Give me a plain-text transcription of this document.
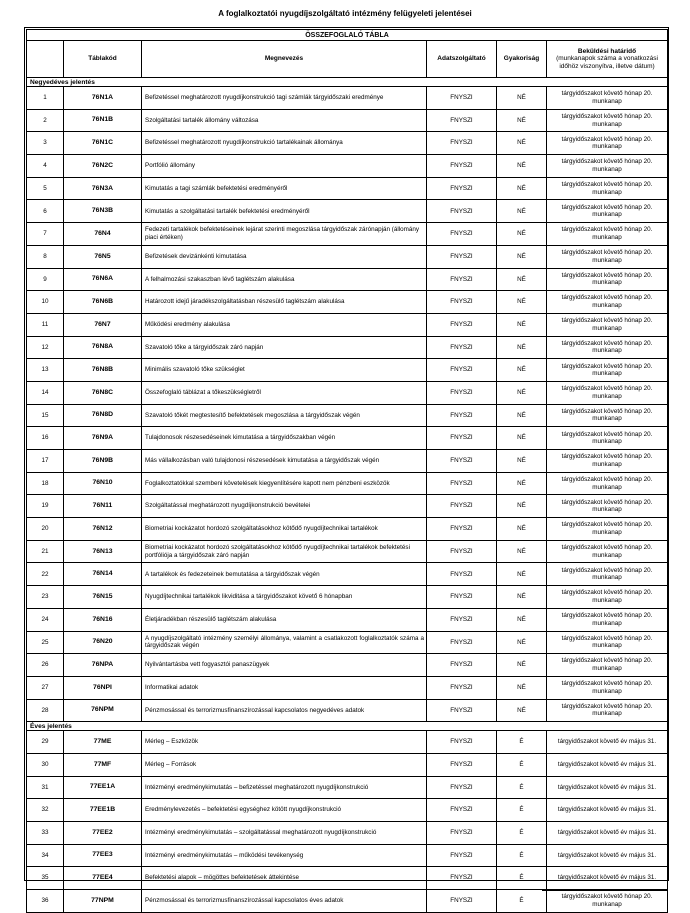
A foglalkoztatói nyugdíjszolgáltató intézmény felügyeleti jelentései
ÖSSZEFOGLALÓ TÁBLA					
	Táblakód	Megnevezés	Adatszolgáltató	Gyakoriság	Beküldési határidő
(munkanapok száma a vonatkozási időhöz viszonyítva, illetve dátum)

Negyedéves jelentés					
1	76N1A	Befizetéssel meghatározott nyugdíjkonstrukció tagi számlák tárgyidőszaki eredménye	FNYSZI	NÉ	tárgyidőszakot követő hónap 20. munkanap
2	76N1B	Szolgáltatási tartalék állomány változása	FNYSZI	NÉ	tárgyidőszakot követő hónap 20. munkanap
3	76N1C	Befizetéssel meghatározott nyugdíjkonstrukció tartalékainak állománya	FNYSZI	NÉ	tárgyidőszakot követő hónap 20. munkanap
4	76N2C	Portfólió állomány	FNYSZI	NÉ	tárgyidőszakot követő hónap 20. munkanap
5	76N3A	Kimutatás a tagi számlák befektetési eredményéről	FNYSZI	NÉ	tárgyidőszakot követő hónap 20. munkanap
6	76N3B	Kimutatás a szolgáltatási tartalék befektetési eredményéről	FNYSZI	NÉ	tárgyidőszakot követő hónap 20. munkanap
7	76N4	Fedezeti tartalékok befektetéseinek lejárat szerinti megoszlása tárgyidőszak zárónapján (állomány piaci értéken)	FNYSZI	NÉ	tárgyidőszakot követő hónap 20. munkanap
8	76N5	Befizetések devizánkénti kimutatása	FNYSZI	NÉ	tárgyidőszakot követő hónap 20. munkanap
9	76N6A	A felhalmozási szakaszban lévő taglétszám alakulása	FNYSZI	NÉ	tárgyidőszakot követő hónap 20. munkanap
10	76N6B	Határozott idejű járadékszolgáltatásban részesülő taglétszám alakulása	FNYSZI	NÉ	tárgyidőszakot követő hónap 20. munkanap
11	76N7	Működési eredmény alakulása	FNYSZI	NÉ	tárgyidőszakot követő hónap 20. munkanap
12	76N8A	Szavatoló tőke a tárgyidőszak záró napján	FNYSZI	NÉ	tárgyidőszakot követő hónap 20. munkanap
13	76N8B	Minimális szavatoló tőke szükséglet	FNYSZI	NÉ	tárgyidőszakot követő hónap 20. munkanap
14	76N8C	Összefoglaló táblázat a tőkeszükségletről	FNYSZI	NÉ	tárgyidőszakot követő hónap 20. munkanap
15	76N8D	Szavatoló tőkét megtestesítő befektetések megoszlása a tárgyidőszak végén	FNYSZI	NÉ	tárgyidőszakot követő hónap 20. munkanap
16	76N9A	Tulajdonosok részesedéseinek kimutatása a tárgyidőszakban végén	FNYSZI	NÉ	tárgyidőszakot követő hónap 20. munkanap
17	76N9B	Más vállalkozásban való tulajdonosi részesedések kimutatása a tárgyidőszak végén	FNYSZI	NÉ	tárgyidőszakot követő hónap 20. munkanap
18	76N10	Foglalkoztatókkal szembeni követelések kiegyenlítésére kapott nem pénzbeni eszközök	FNYSZI	NÉ	tárgyidőszakot követő hónap 20. munkanap
19	76N11	Szolgáltatással meghatározott nyugdíjkonstrukció bevételei	FNYSZI	NÉ	tárgyidőszakot követő hónap 20. munkanap
20	76N12	Biometriai kockázatot hordozó szolgáltatásokhoz kötődő nyugdíjtechnikai tartalékok	FNYSZI	NÉ	tárgyidőszakot követő hónap 20. munkanap
21	76N13	Biometriai kockázatot hordozó szolgáltatásokhoz kötődő nyugdíjtechnikai tartalékok befektetési portfóliója a tárgyidőszak záró napján	FNYSZI	NÉ	tárgyidőszakot követő hónap 20. munkanap
22	76N14	A tartalékok és fedezeteinek bemutatása a tárgyidőszak végén	FNYSZI	NÉ	tárgyidőszakot követő hónap 20. munkanap
23	76N15	Nyugdíjtechnikai tartalékok likviditása a tárgyidőszakot követő 6 hónapban	FNYSZI	NÉ	tárgyidőszakot követő hónap 20. munkanap
24	76N16	Életjáradékban részesülő taglétszám alakulása	FNYSZI	NÉ	tárgyidőszakot követő hónap 20. munkanap
25	76N20	A nyugdíjszolgáltató intézmény személyi állománya, valamint a csatlakozott foglalkoztatók száma a tárgyidőszak végén	FNYSZI	NÉ	tárgyidőszakot követő hónap 20. munkanap
26	76NPA	Nyilvántartásba vett fogyasztói panaszügyek	FNYSZI	NÉ	tárgyidőszakot követő hónap 20. munkanap
27	76NPI	Informatikai adatok	FNYSZI	NÉ	tárgyidőszakot követő hónap 20. munkanap
28	76NPM	Pénzmosással és terrorizmusfinanszírozással kapcsolatos negyedéves adatok	FNYSZI	NÉ	tárgyidőszakot követő hónap 20. munkanap
Éves jelentés					
29	77ME	Mérleg – Eszközök	FNYSZI	É	tárgyidőszakot követő év május 31.
30	77MF	Mérleg – Források	FNYSZI	É	tárgyidőszakot követő év május 31.
31	77EE1A	Intézményi eredménykimutatás – befizetéssel meghatározott nyugdíjkonstrukció	FNYSZI	É	tárgyidőszakot követő év május 31.
32	77EE1B	Eredménylevezetés – befektetési egységhez kötött nyugdíjkonstrukció	FNYSZI	É	tárgyidőszakot követő év május 31.
33	77EE2	Intézményi eredménykimutatás – szolgáltatással meghatározott nyugdíjkonstrukció	FNYSZI	É	tárgyidőszakot követő év május 31.
34	77EE3	Intézményi eredménykimutatás – működési tevékenység	FNYSZI	É	tárgyidőszakot követő év május 31.
35	77EE4	Befektetési alapok – mögöttes befektetések áttekintése	FNYSZI	É	tárgyidőszakot követő év május 31.
36	77NPM	Pénzmosással és terrorizmusfinanszírozással kapcsolatos éves adatok	FNYSZI	É	tárgyidőszakot követő hónap 20. munkanap
